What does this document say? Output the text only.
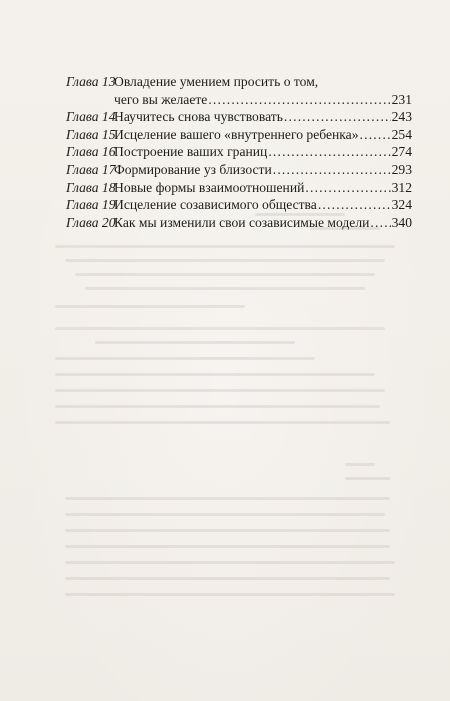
Глава 13
Овладение умением просить о том,
чего вы желаете . . .	231
Глава 14
Научитесь снова чувствовать . . .	243
Глава 15
Исцеление вашего «внутреннего ребенка» . . . 254
Глава 16
Построение ваших границ . . .	274
Глава 17
Формирование уз близости . . .	293
Глава 18
Новые формы взаимоотношений . . .	312
Глава 19
Исцеление созависимого общества . . .	324
Глава 20
Как мы изменили свои созависимые модели . . . 340
